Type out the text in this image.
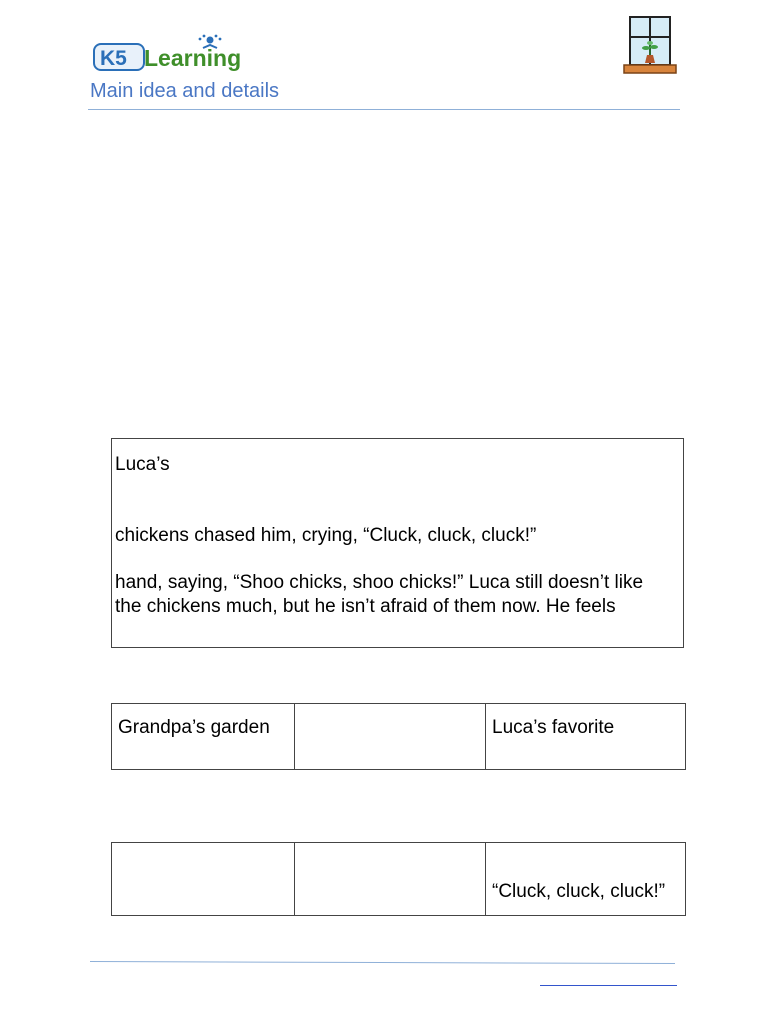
K5 Learning
Main idea and details
Luca’s
chickens chased him, crying, “Cluck, cluck, cluck!”
hand, saying, “Shoo chicks, shoo chicks!” Luca still doesn’t like
the chickens much, but he isn’t afraid of them now. He feels
Grandpa’s garden		Luca’s favorite
		“Cluck, cluck, cluck!”
